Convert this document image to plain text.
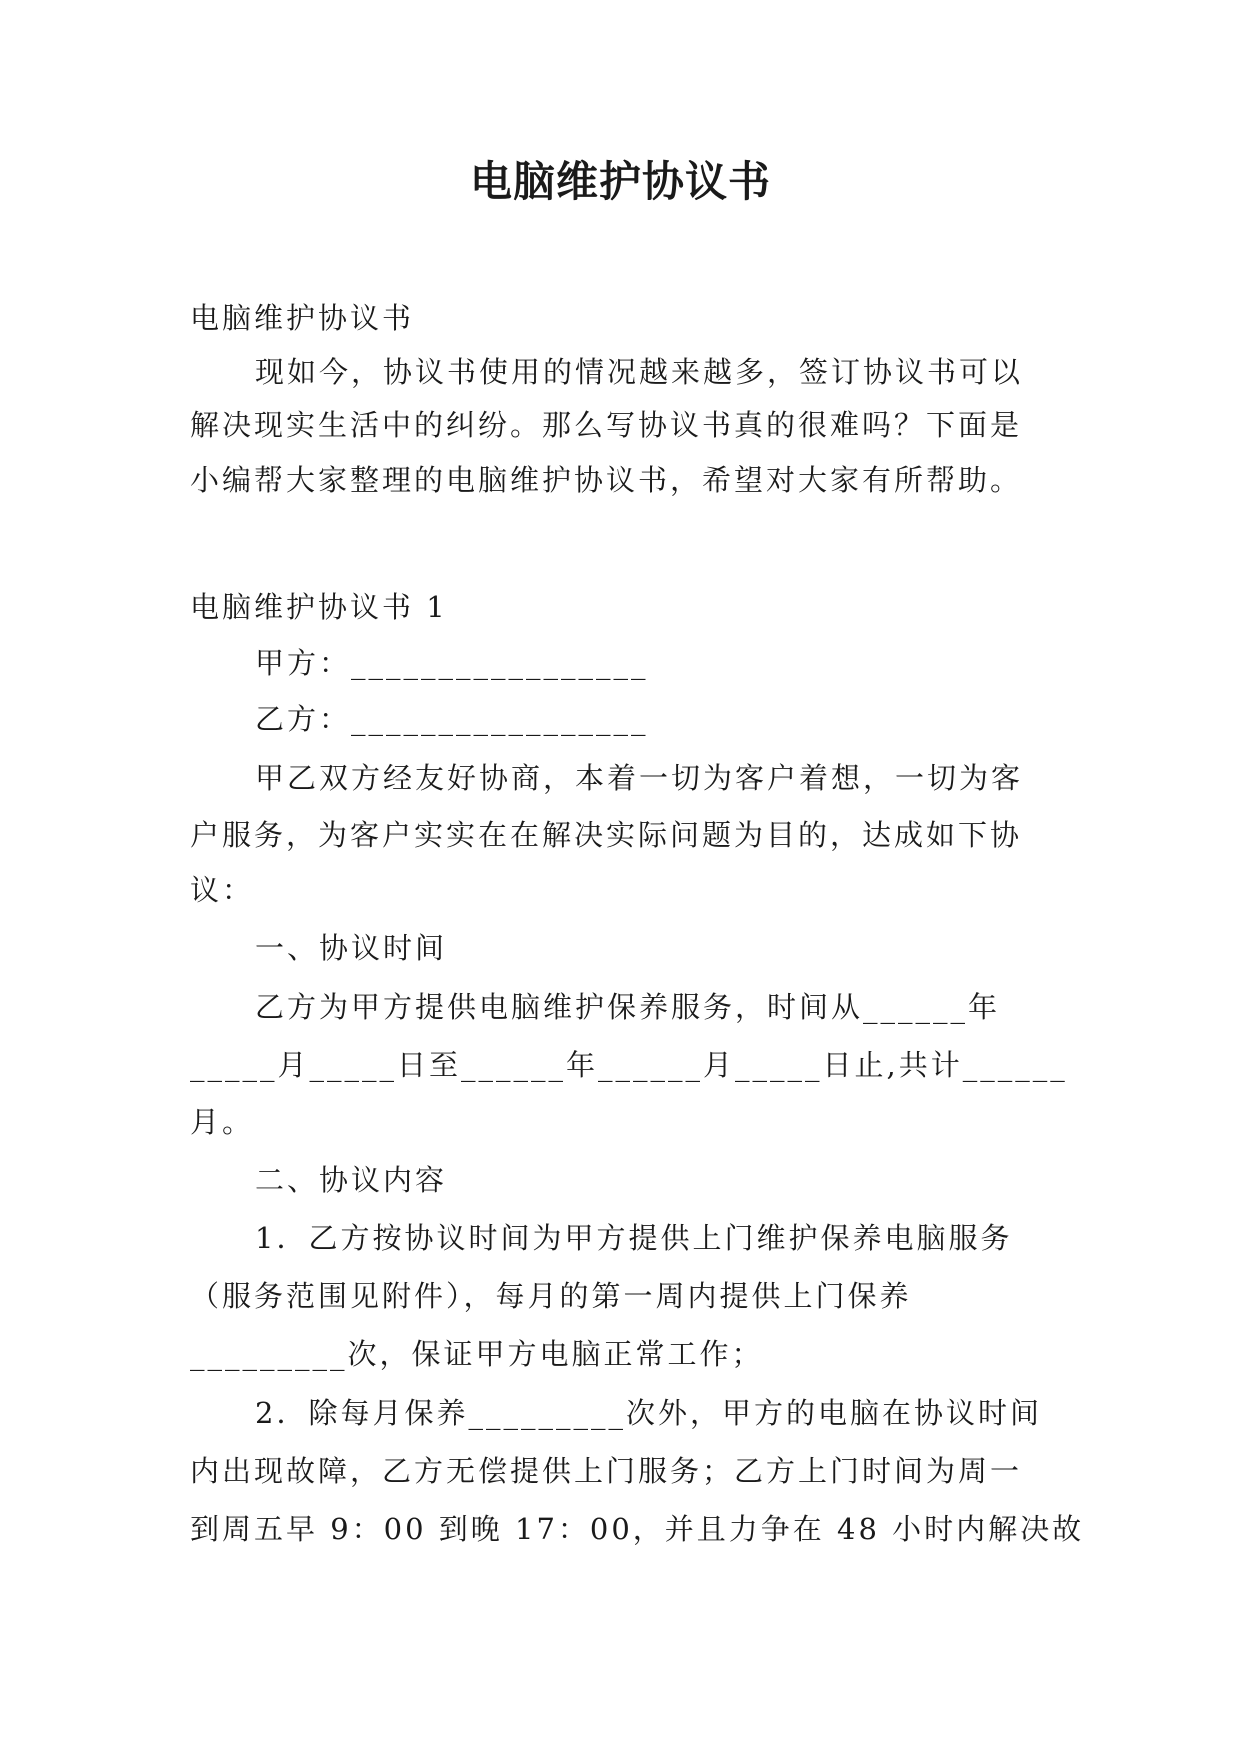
电脑维护协议书
电脑维护协议书
现如今，协议书使用的情况越来越多，签订协议书可以
解决现实生活中的纠纷。那么写协议书真的很难吗？下面是
小编帮大家整理的电脑维护协议书，希望对大家有所帮助。
电脑维护协议书 1
甲方：_________________
乙方：_________________
甲乙双方经友好协商，本着一切为客户着想，一切为客
户服务，为客户实实在在解决实际问题为目的，达成如下协
议：
一、协议时间
乙方为甲方提供电脑维护保养服务，时间从______年
_____月_____日至______年______月_____日止,共计______
月。
二、协议内容
1．乙方按协议时间为甲方提供上门维护保养电脑服务
（服务范围见附件），每月的第一周内提供上门保养
_________次，保证甲方电脑正常工作；
2．除每月保养_________次外，甲方的电脑在协议时间
内出现故障，乙方无偿提供上门服务；乙方上门时间为周一
到周五早 9：00 到晚 17：00，并且力争在 48 小时内解决故
